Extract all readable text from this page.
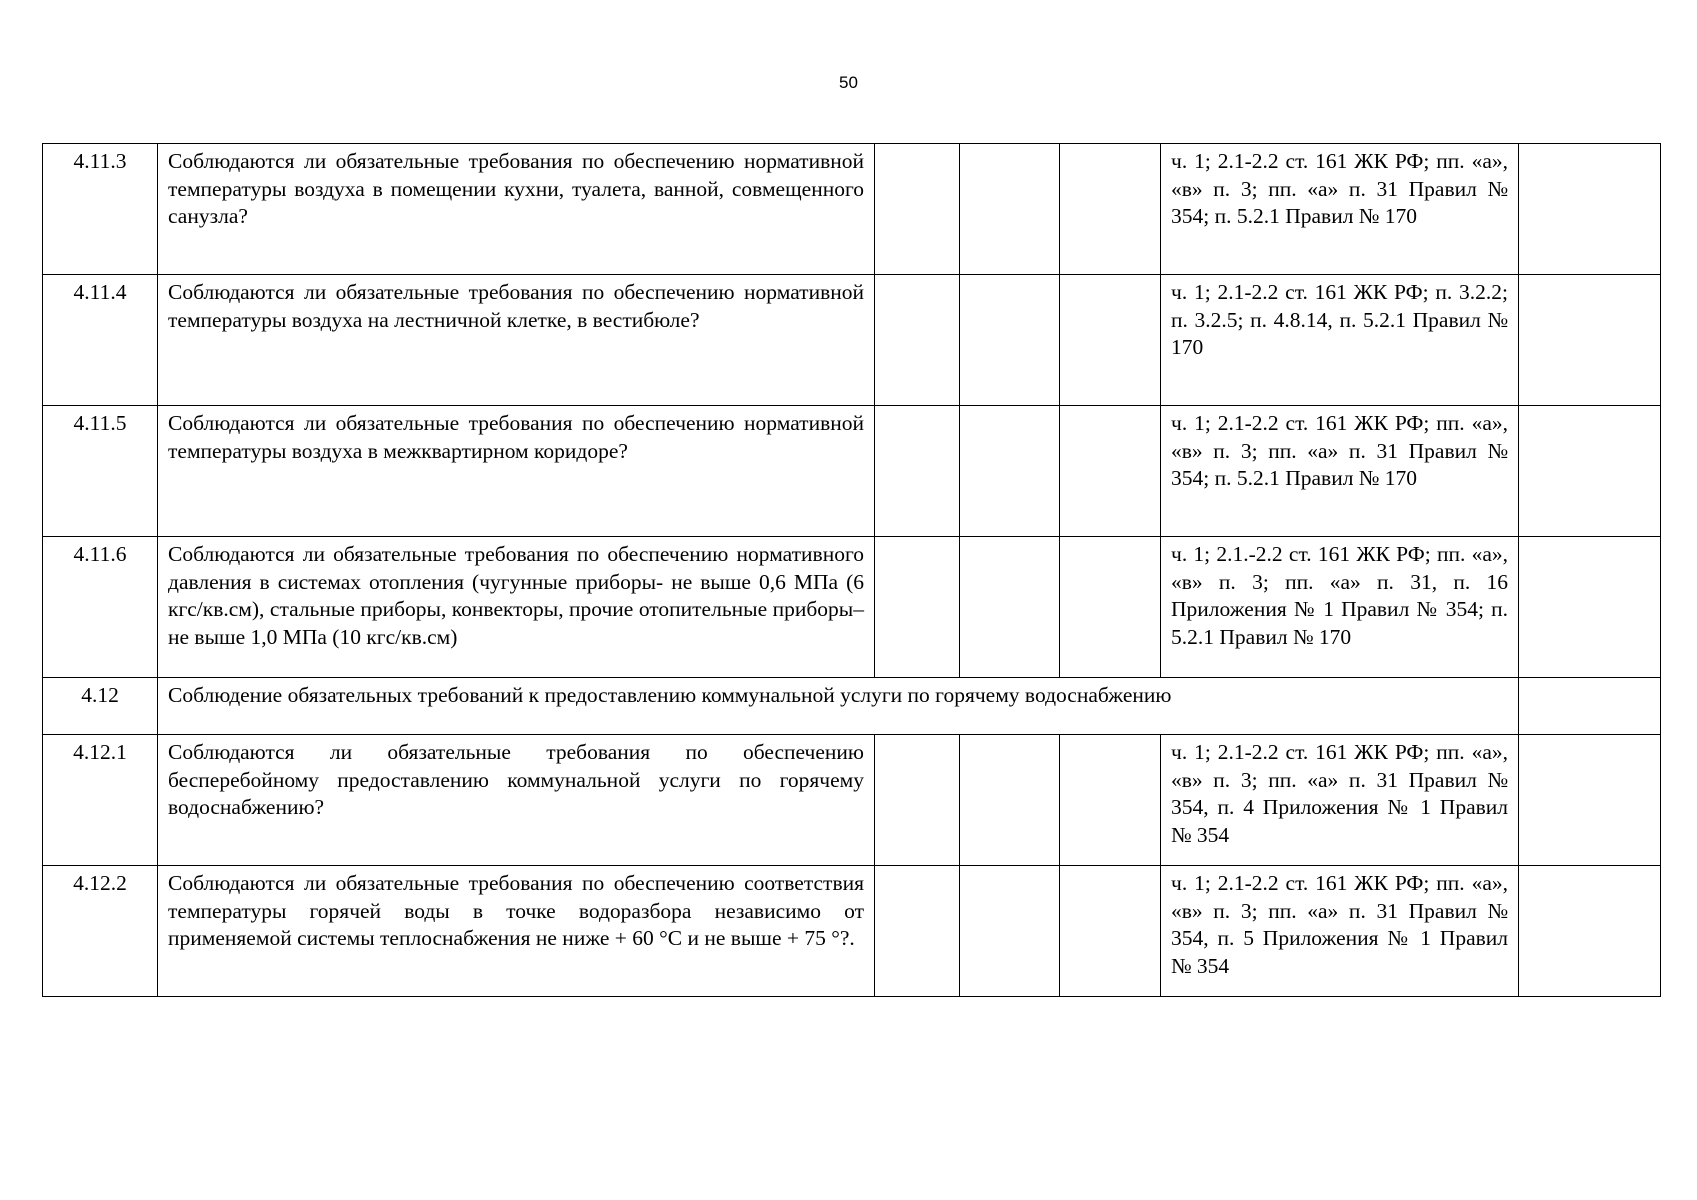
50
4.11.3	Соблюдаются ли обязательные требования по обеспечению нормативной температуры воздуха в помещении кухни, туалета, ванной, совмещенного санузла?				ч. 1; 2.1-2.2 ст. 161 ЖК РФ; пп. «а», «в» п. 3; пп. «а» п. 31 Правил № 354; п. 5.2.1 Правил № 170	
4.11.4	Соблюдаются ли обязательные требования по обеспечению нормативной температуры воздуха на лестничной клетке, в вестибюле?				ч. 1; 2.1-2.2 ст. 161 ЖК РФ; п. 3.2.2; п. 3.2.5; п. 4.8.14, п. 5.2.1 Правил № 170	
4.11.5	Соблюдаются ли обязательные требования по обеспечению нормативной температуры воздуха в межквартирном коридоре?				ч. 1; 2.1-2.2 ст. 161 ЖК РФ; пп. «а», «в» п. 3; пп. «а» п. 31 Правил № 354; п. 5.2.1 Правил № 170	
4.11.6	Соблюдаются ли обязательные требования по обеспечению нормативного давления в системах отопления (чугунные приборы- не выше 0,6 МПа (6 кгс/кв.см), стальные приборы, конвекторы, прочие отопительные приборы– не выше 1,0 МПа (10 кгс/кв.см)				ч. 1; 2.1.-2.2 ст. 161 ЖК РФ; пп. «а», «в» п. 3; пп. «а» п. 31, п. 16 Приложения № 1 Правил № 354; п. 5.2.1 Правил № 170	
4.12	Соблюдение обязательных требований к предоставлению коммунальной услуги по горячему водоснабжению					
4.12.1	Соблюдаются ли обязательные требования по обеспечению бесперебойному предоставлению коммунальной услуги по горячему водоснабжению?				ч. 1; 2.1-2.2 ст. 161 ЖК РФ; пп. «а», «в» п. 3; пп. «а» п. 31 Правил № 354, п. 4 Приложения № 1 Правил № 354	
4.12.2	Соблюдаются ли обязательные требования по обеспечению соответствия температуры горячей воды в точке водоразбора независимо от применяемой системы теплоснабжения не ниже + 60 °С и не выше + 75 °?.				ч. 1; 2.1-2.2 ст. 161 ЖК РФ; пп. «а», «в» п. 3; пп. «а» п. 31 Правил № 354, п. 5 Приложения № 1 Правил № 354	
